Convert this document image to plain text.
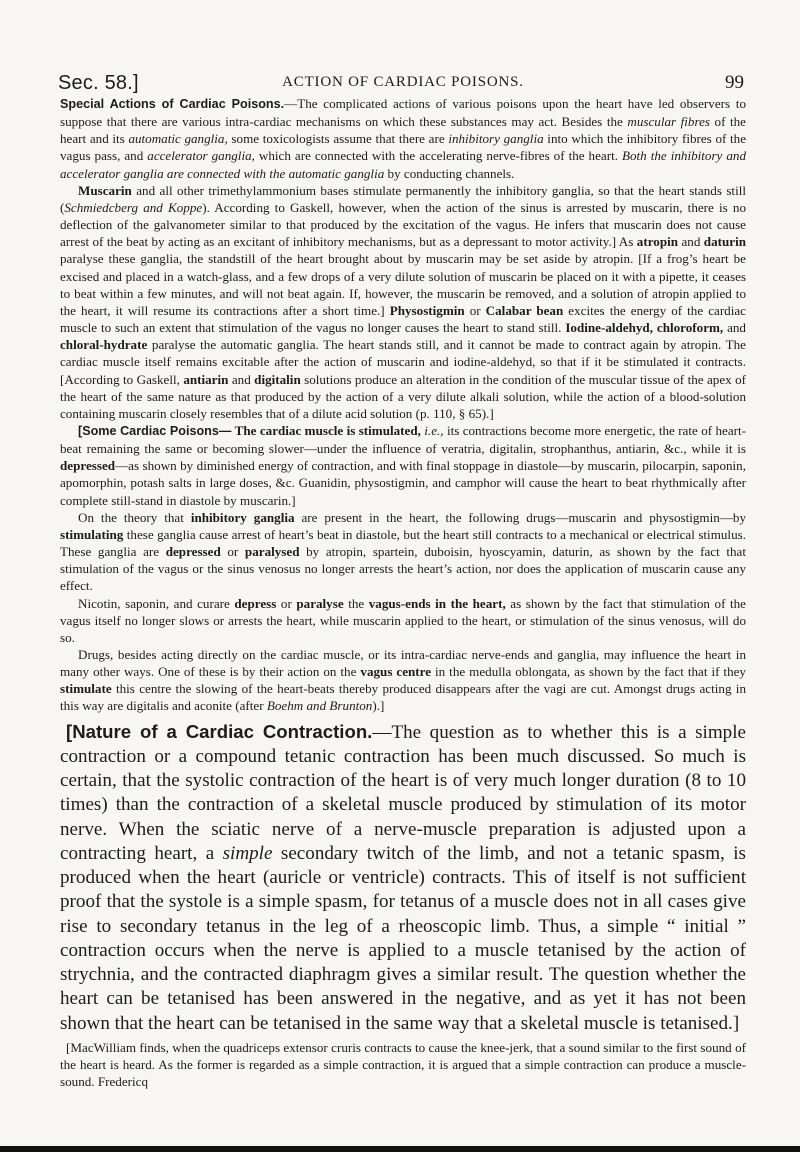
Sec. 58.]	ACTION OF CARDIAC POISONS.	99

Special Actions of Cardiac Poisons.—The complicated actions of various poisons upon the heart have led observers to suppose that there are various intra-cardiac mechanisms on which these substances may act. Besides the muscular fibres of the heart and its automatic ganglia, some toxicologists assume that there are inhibitory ganglia into which the inhibitory fibres of the vagus pass, and accelerator ganglia, which are connected with the accelerating nerve-fibres of the heart. Both the inhibitory and accelerator ganglia are connected with the automatic ganglia by conducting channels.

Muscarin and all other trimethylammonium bases stimulate permanently the inhibitory ganglia, so that the heart stands still (Schmiedcberg and Koppe). According to Gaskell, however, when the action of the sinus is arrested by muscarin, there is no deflection of the galvanometer similar to that produced by the excitation of the vagus. He infers that muscarin does not cause arrest of the beat by acting as an excitant of inhibitory mechanisms, but as a depressant to motor activity.] As atropin and daturin paralyse these ganglia, the standstill of the heart brought about by muscarin may be set aside by atropin. [If a frog’s heart be excised and placed in a watch-glass, and a few drops of a very dilute solution of muscarin be placed on it with a pipette, it ceases to beat within a few minutes, and will not beat again. If, however, the muscarin be removed, and a solution of atropin applied to the heart, it will resume its contractions after a short time.] Physostigmin or Calabar bean excites the energy of the cardiac muscle to such an extent that stimulation of the vagus no longer causes the heart to stand still. Iodine-aldehyd, chloroform, and chloral-hydrate paralyse the automatic ganglia. The heart stands still, and it cannot be made to contract again by atropin. The cardiac muscle itself remains excitable after the action of muscarin and iodine-aldehyd, so that if it be stimulated it contracts. [According to Gaskell, antiarin and digitalin solutions produce an alteration in the condition of the muscular tissue of the apex of the heart of the same nature as that produced by the action of a very dilute alkali solution, while the action of a blood-solution containing muscarin closely resembles that of a dilute acid solution (p. 110, § 65).]

[Some Cardiac Poisons— The cardiac muscle is stimulated, i.e., its contractions become more energetic, the rate of heart-beat remaining the same or becoming slower—under the influence of veratria, digitalin, strophanthus, antiarin, &c., while it is depressed—as shown by diminished energy of contraction, and with final stoppage in diastole—by muscarin, pilocarpin, saponin, apomorphin, potash salts in large doses, &c. Guanidin, physostigmin, and camphor will cause the heart to beat rhythmically after complete still-stand in diastole by muscarin.]

On the theory that inhibitory ganglia are present in the heart, the following drugs—muscarin and physostigmin—by stimulating these ganglia cause arrest of heart’s beat in diastole, but the heart still contracts to a mechanical or electrical stimulus. These ganglia are depressed or paralysed by atropin, spartein, duboisin, hyoscyamin, daturin, as shown by the fact that stimulation of the vagus or the sinus venosus no longer arrests the heart’s action, nor does the application of muscarin cause any effect.

Nicotin, saponin, and curare depress or paralyse the vagus-ends in the heart, as shown by the fact that stimulation of the vagus itself no longer slows or arrests the heart, while muscarin applied to the heart, or stimulation of the sinus venosus, will do so.

Drugs, besides acting directly on the cardiac muscle, or its intra-cardiac nerve-ends and ganglia, may influence the heart in many other ways. One of these is by their action on the vagus centre in the medulla oblongata, as shown by the fact that if they stimulate this centre the slowing of the heart-beats thereby produced disappears after the vagi are cut. Amongst drugs acting in this way are digitalis and aconite (after Boehm and Brunton).]

[Nature of a Cardiac Contraction.—The question as to whether this is a simple contraction or a compound tetanic contraction has been much discussed. So much is certain, that the systolic contraction of the heart is of very much longer duration (8 to 10 times) than the contraction of a skeletal muscle produced by stimulation of its motor nerve. When the sciatic nerve of a nerve-muscle preparation is adjusted upon a contracting heart, a simple secondary twitch of the limb, and not a tetanic spasm, is produced when the heart (auricle or ventricle) contracts. This of itself is not sufficient proof that the systole is a simple spasm, for tetanus of a muscle does not in all cases give rise to secondary tetanus in the leg of a rheoscopic limb. Thus, a simple “ initial ” contraction occurs when the nerve is applied to a muscle tetanised by the action of strychnia, and the contracted diaphragm gives a similar result. The question whether the heart can be tetanised has been answered in the negative, and as yet it has not been shown that the heart can be tetanised in the same way that a skeletal muscle is tetanised.]

[MacWilliam finds, when the quadriceps extensor cruris contracts to cause the knee-jerk, that a sound similar to the first sound of the heart is heard. As the former is regarded as a simple contraction, it is argued that a simple contraction can produce a muscle-sound. Fredericq
